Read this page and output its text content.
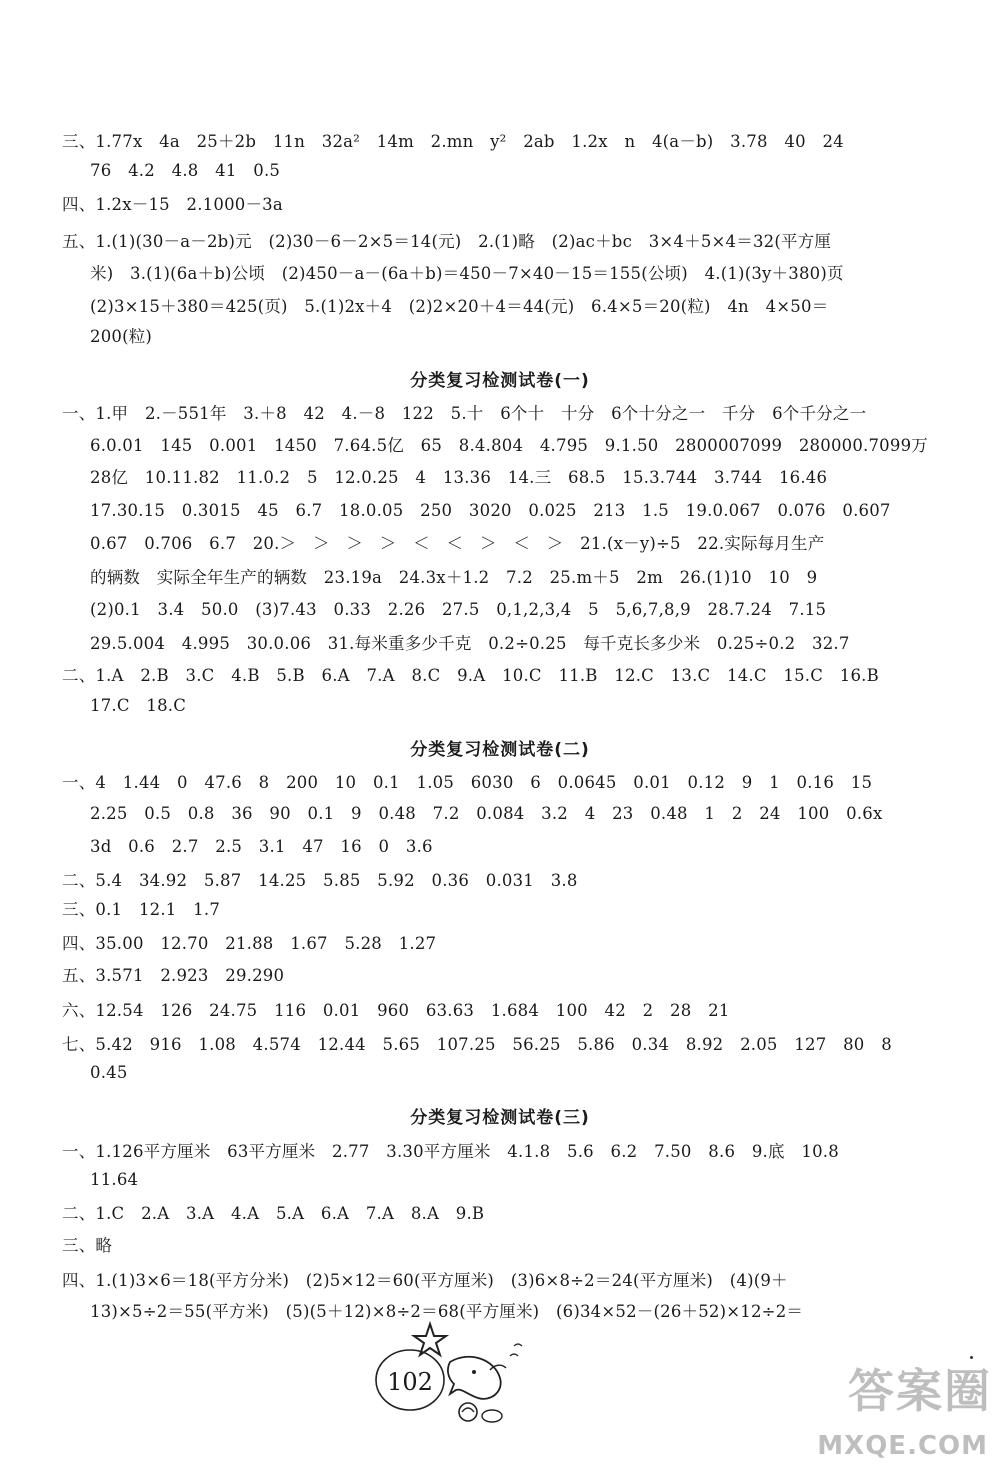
三、1.77x　4a　25＋2b　11n　32a²　14m　2.mn　y²　2ab　1.2x　n　4(a－b)　3.78　40　24
76　4.2　4.8　41　0.5
四、1.2x－15　2.1000－3a
五、1.(1)(30－a－2b)元　(2)30－6－2×5＝14(元)　2.(1)略　(2)ac＋bc　3×4＋5×4＝32(平方厘
米)　3.(1)(6a＋b)公顷　(2)450－a－(6a＋b)＝450－7×40－15＝155(公顷)　4.(1)(3y＋380)页
(2)3×15＋380＝425(页)　5.(1)2x＋4　(2)2×20＋4＝44(元)　6.4×5＝20(粒)　4n　4×50＝
200(粒)
分类复习检测试卷(一)
一、1.甲　2.－551年　3.＋8　42　4.－8　122　5.十　6个十　十分　6个十分之一　千分　6个千分之一
6.0.01　145　0.001　1450　7.64.5亿　65　8.4.804　4.795　9.1.50　2800007099　280000.7099万
28亿　10.11.82　11.0.2　5　12.0.25　4　13.36　14.三　68.5　15.3.744　3.744　16.46
17.30.15　0.3015　45　6.7　18.0.05　250　3020　0.025　213　1.5　19.0.067　0.076　0.607
0.67　0.706　6.7　20.＞　＞　＞　＞　＜　＜　＞　＜　＞　21.(x－y)÷5　22.实际每月生产
的辆数　实际全年生产的辆数　23.19a　24.3x＋1.2　7.2　25.m＋5　2m　26.(1)10　10　9
(2)0.1　3.4　50.0　(3)7.43　0.33　2.26　27.5　0,1,2,3,4　5　5,6,7,8,9　28.7.24　7.15
29.5.004　4.995　30.0.06　31.每米重多少千克　0.2÷0.25　每千克长多少米　0.25÷0.2　32.7
二、1.A　2.B　3.C　4.B　5.B　6.A　7.A　8.C　9.A　10.C　11.B　12.C　13.C　14.C　15.C　16.B
17.C　18.C
分类复习检测试卷(二)
一、4　1.44　0　47.6　8　200　10　0.1　1.05　6030　6　0.0645　0.01　0.12　9　1　0.16　15
2.25　0.5　0.8　36　90　0.1　9　0.48　7.2　0.084　3.2　4　23　0.48　1　2　24　100　0.6x
3d　0.6　2.7　2.5　3.1　47　16　0　3.6
二、5.4　34.92　5.87　14.25　5.85　5.92　0.36　0.031　3.8
三、0.1　12.1　1.7
四、35.00　12.70　21.88　1.67　5.28　1.27
五、3.571　2.923　29.290
六、12.54　126　24.75　116　0.01　960　63.63　1.684　100　42　2　28　21
七、5.42　916　1.08　4.574　12.44　5.65　107.25　56.25　5.86　0.34　8.92　2.05　127　80　8
0.45
分类复习检测试卷(三)
一、1.126平方厘米　63平方厘米　2.77　3.30平方厘米　4.1.8　5.6　6.2　7.50　8.6　9.底　10.8
11.64
二、1.C　2.A　3.A　4.A　5.A　6.A　7.A　8.A　9.B
三、略
四、1.(1)3×6＝18(平方分米)　(2)5×12＝60(平方厘米)　(3)6×8÷2＝24(平方厘米)　(4)(9＋
13)×5÷2＝55(平方米)　(5)(5＋12)×8÷2＝68(平方厘米)　(6)34×52－(26＋52)×12÷2＝
102	答案圈
MXQE.COM
